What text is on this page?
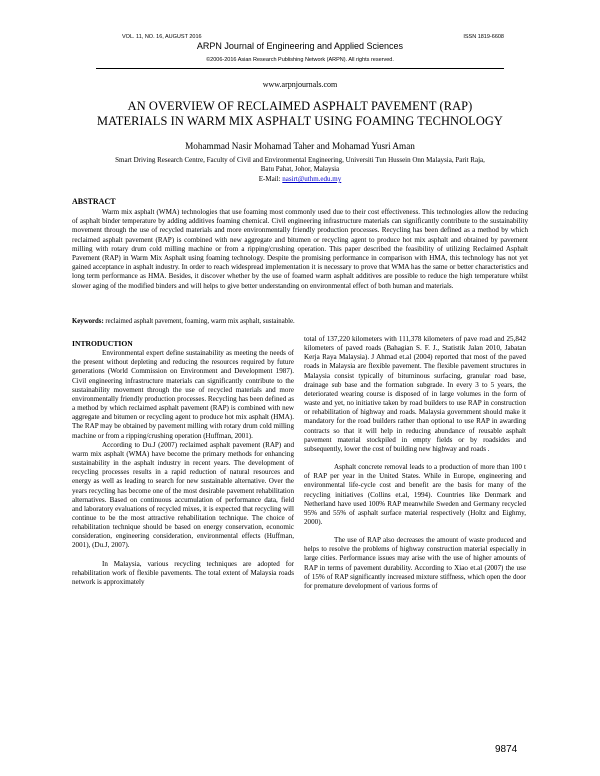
VOL. 11, NO. 16, AUGUST 2016	ISSN 1819-6608
ARPN Journal of Engineering and Applied Sciences
©2006-2016 Asian Research Publishing Network (ARPN). All rights reserved.
www.arpnjournals.com
AN OVERVIEW OF RECLAIMED ASPHALT PAVEMENT (RAP)
MATERIALS IN WARM MIX ASPHALT USING FOAMING TECHNOLOGY
Mohammad Nasir Mohamad Taher and Mohamad Yusri Aman
Smart Driving Research Centre, Faculty of Civil and Environmental Engineering, Universiti Tun Hussein Onn Malaysia, Parit Raja,
Batu Pahat, Johor, Malaysia
E-Mail: nasirt@uthm.edu.my
ABSTRACT
Warm mix asphalt (WMA) technologies that use foaming most commonly used due to their cost effectiveness. This technologies allow the reducing of asphalt binder temperature by adding additives foaming chemical. Civil engineering infrastructure materials can significantly contribute to the sustainability movement through the use of recycled materials and more environmentally friendly production processes. Recycling has been defined as a method by which reclaimed asphalt pavement (RAP) is combined with new aggregate and bitumen or recycling agent to produce hot mix asphalt and obtained by pavement milling with rotary drum cold milling machine or from a ripping/crushing operation. This paper described the feasibility of utilizing Reclaimed Asphalt Pavement (RAP) in Warm Mix Asphalt using foaming technology. Despite the promising performance in comparison with HMA, this technology has not yet gained acceptance in asphalt industry. In order to reach widespread implementation it is necessary to prove that WMA has the same or better characteristics and long term performance as HMA. Besides, it discover whether by the use of foamed warm asphalt additives are possible to reduce the high temperature whilst slower aging of the modified binders and will helps to give better understanding on environmental effect of both human and materials.
Keywords: reclaimed asphalt pavement, foaming, warm mix asphalt, sustainable.
INTRODUCTION

Environmental expert define sustainability as meeting the needs of the present without depleting and reducing the resources required by future generations (World Commission on Environment and Development 1987). Civil engineering infrastructure materials can significantly contribute to the sustainability movement through the use of recycled materials and more environmentally friendly production processes. Recycling has been defined as a method by which reclaimed asphalt pavement (RAP) is combined with new aggregate and bitumen or recycling agent to produce hot mix asphalt (HMA). The RAP may be obtained by pavement milling with rotary drum cold milling machine or from a ripping/crushing operation (Huffman, 2001).

According to Du.J (2007) reclaimed asphalt pavement (RAP) and warm mix asphalt (WMA) have become the primary methods for enhancing sustainability in the asphalt industry in recent years. The development of recycling processes results in a rapid reduction of natural resources and energy as well as leading to search for new sustainable alternative. Over the years recycling has become one of the most desirable pavement rehabilitation alternatives. Based on continuous accumulation of performance data, field and laboratory evaluations of recycled mixes, it is expected that recycling will continue to be the most attractive rehabilitation technique. The choice of rehabilitation technique should be based on energy conservation, economic consideration, engineering consideration, environmental effects (Huffman, 2001), (Du.J, 2007).

In Malaysia, various recycling techniques are adopted for rehabilitation work of flexible pavements. The total extent of Malaysia roads network is approximately

total of 137,220 kilometers with 111,378 kilometers of pave road and 25,842 kilometers of paved roads (Bahagian S. F. J., Statistik Jalan 2010, Jabatan Kerja Raya Malaysia). J Ahmad et.al (2004) reported that most of the paved roads in Malaysia are flexible pavement. The flexible pavement structures in Malaysia consist typically of bituminous surfacing, granular road base, drainage sub base and the formation subgrade. In every 3 to 5 years, the deteriorated wearing course is disposed of in large volumes in the form of waste and yet, no initiative taken by road builders to use RAP in construction or rehabilitation of highway and roads. Malaysia government should make it mandatory for the road builders rather than optional to use RAP in awarding contracts so that it will help in reducing abundance of reusable asphalt pavement material stockpiled in empty fields or by roadsides and subsequently, lower the cost of building new highway and roads .

Asphalt concrete removal leads to a production of more than 100 t of RAP per year in the United States. While in Europe, engineering and environmental life-cycle cost and benefit are the basis for many of the recycling initiatives (Collins et.al, 1994). Countries like Denmark and Netherland have used 100% RAP meanwhile Sweden and Germany recycled 95% and 55% of asphalt surface material respectively (Holtz and Eighmy, 2000).

The use of RAP also decreases the amount of waste produced and helps to resolve the problems of highway construction material especially in large cities. Performance issues may arise with the use of higher amounts of RAP in terms of pavement durability. According to Xiao et.al (2007) the use of 15% of RAP significantly increased mixture stiffness, which open the door for premature development of various forms of

9874
